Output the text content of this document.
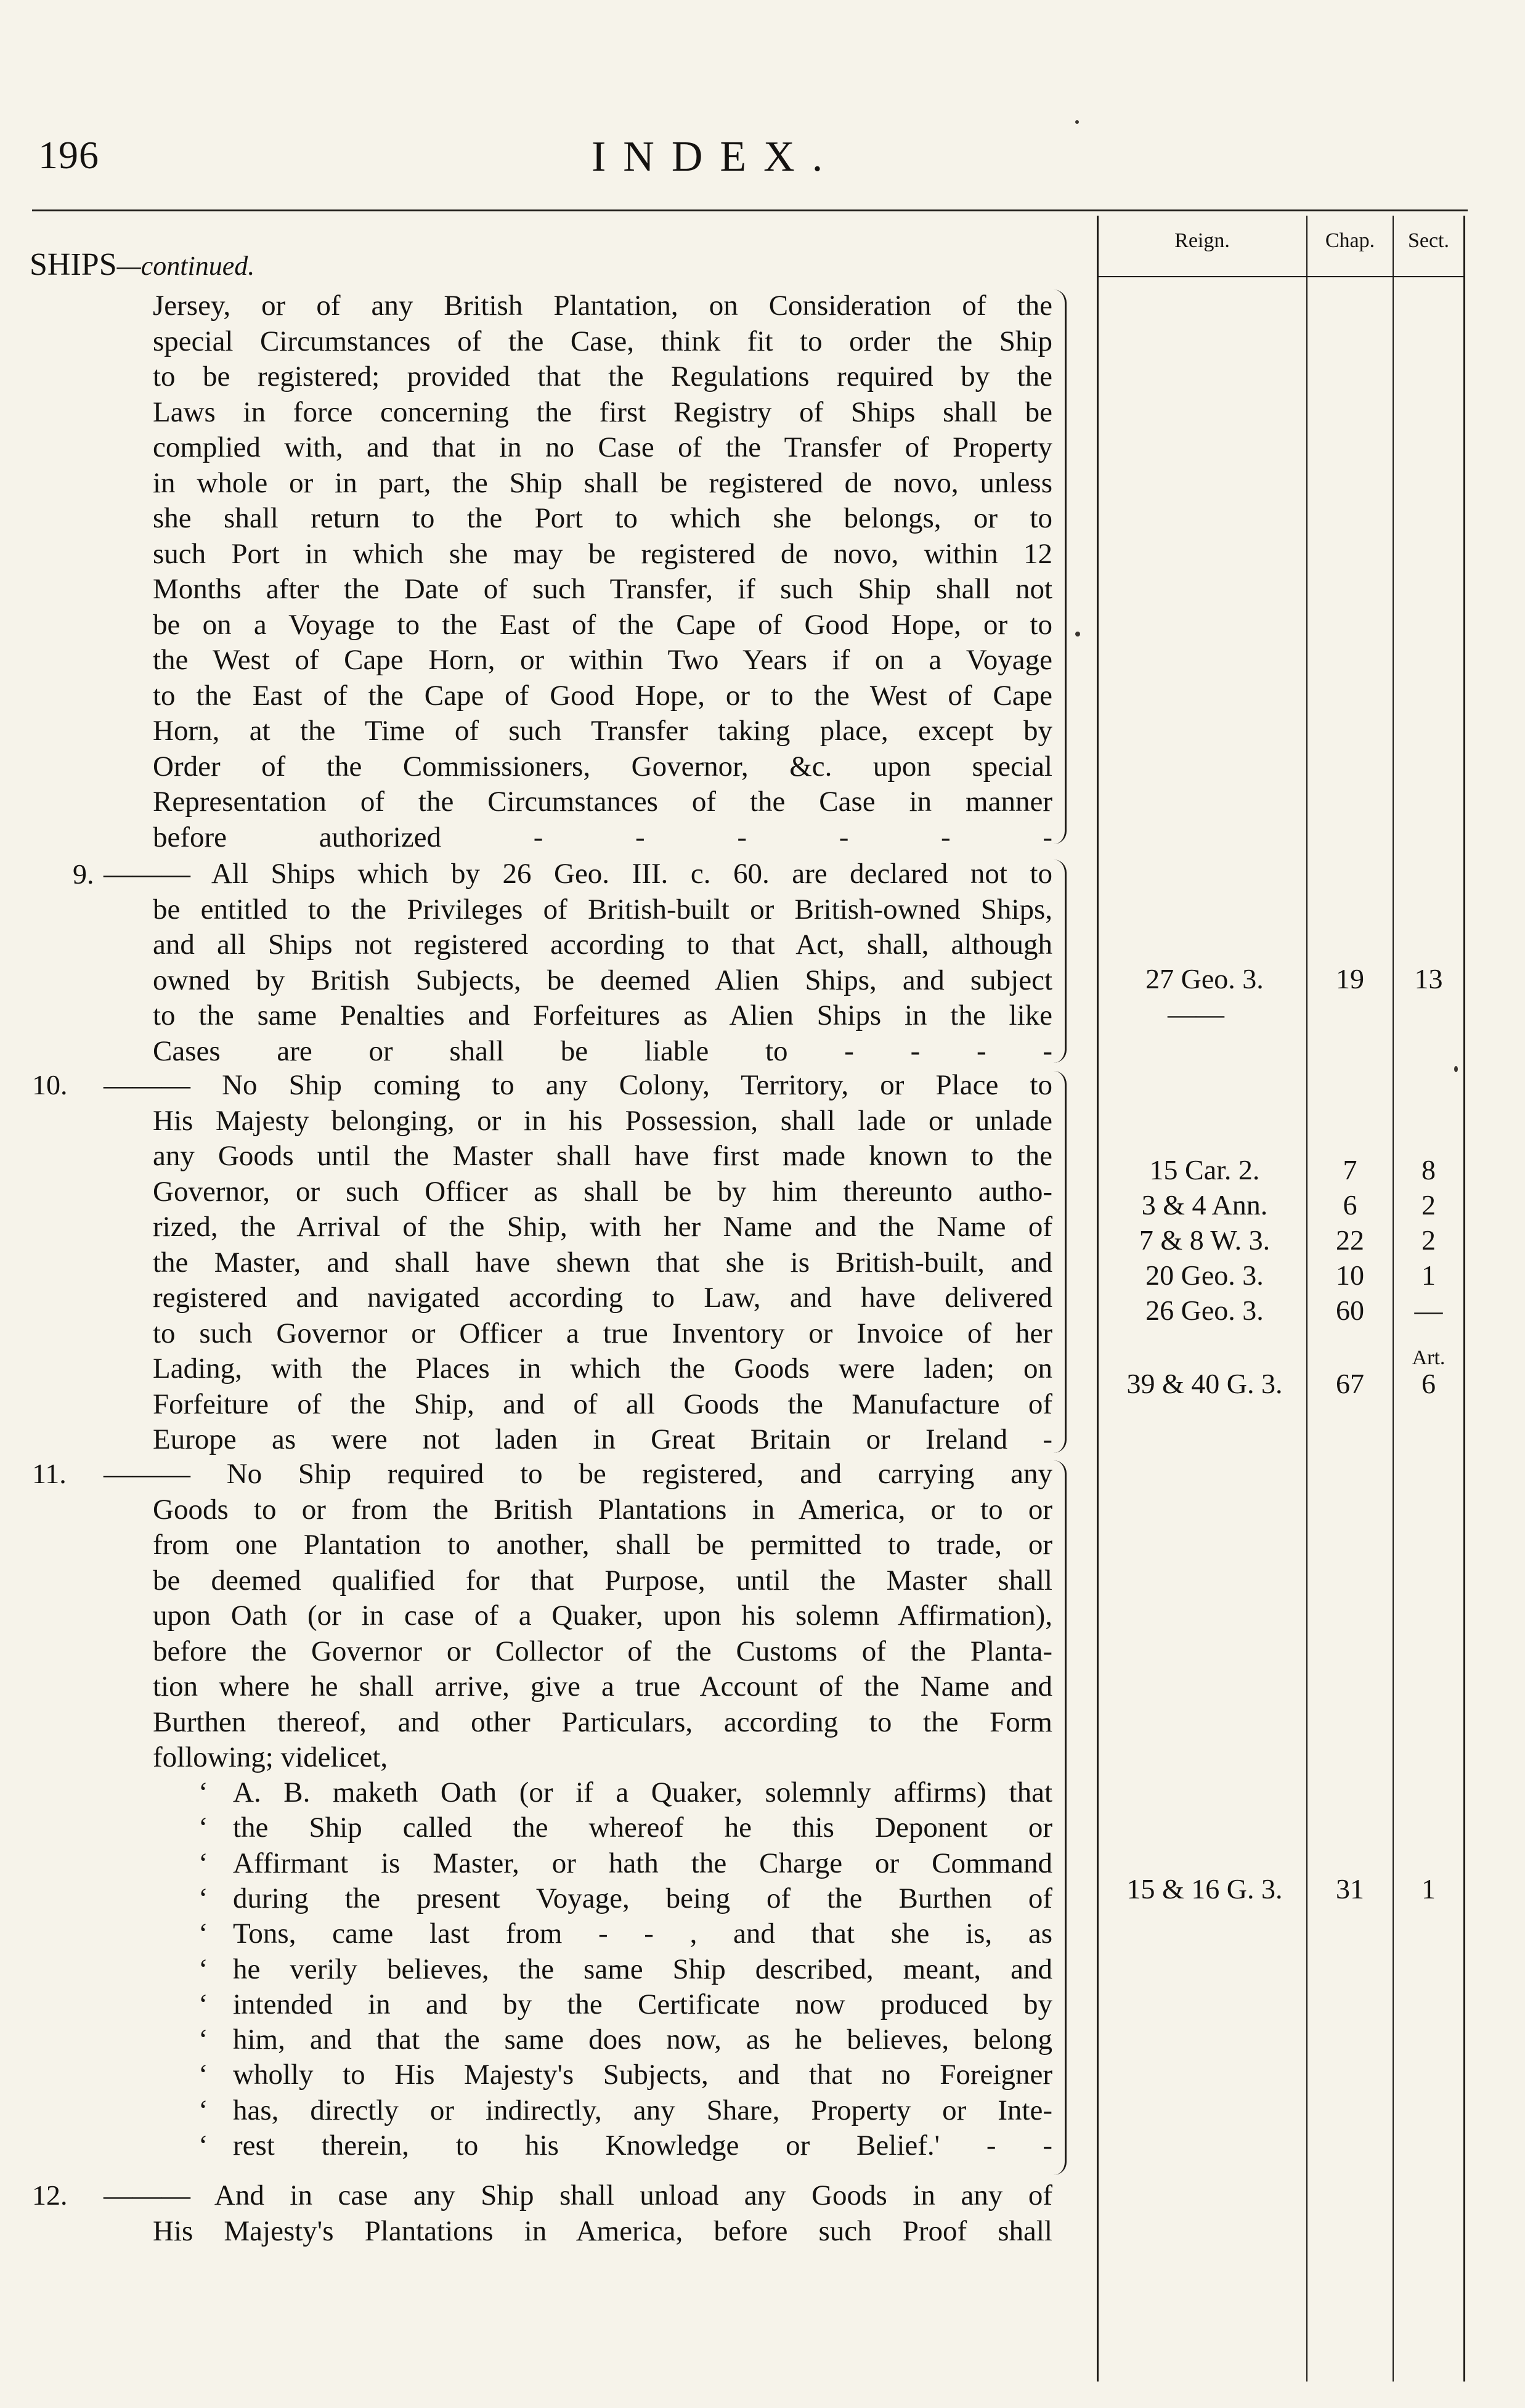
196	INDEX.
Reign.	Chap.	Sect.
SHIPS—continued.
Jersey, or of any British Plantation, on Consideration of the
special Circumstances of the Case, think fit to order the Ship
to be registered; provided that the Regulations required by the
Laws in force concerning the first Registry of Ships shall be
complied with, and that in no Case of the Transfer of Property
in whole or in part, the Ship shall be registered de novo, unless
she shall return to the Port to which she belongs, or to
such Port in which she may be registered de novo, within 12
Months after the Date of such Transfer, if such Ship shall not
be on a Voyage to the East of the Cape of Good Hope, or to
the West of Cape Horn, or within Two Years if on a Voyage
to the East of the Cape of Good Hope, or to the West of Cape
Horn, at the Time of such Transfer taking place, except by
Order of the Commissioners, Governor, &c. upon special
Representation of the Circumstances of the Case in manner
before authorized - - - - - -
9. ——— All Ships which by 26 Geo. III. c. 60. are declared not to
be entitled to the Privileges of British-built or British-owned Ships,
and all Ships not registered according to that Act, shall, although
owned by British Subjects, be deemed Alien Ships, and subject
to the same Penalties and Forfeitures as Alien Ships in the like
Cases are or shall be liable to - - - -
27 Geo. 3.	19	13
——
10. ——— No Ship coming to any Colony, Territory, or Place to
His Majesty belonging, or in his Possession, shall lade or unlade
any Goods until the Master shall have first made known to the
Governor, or such Officer as shall be by him thereunto autho-
rized, the Arrival of the Ship, with her Name and the Name of
the Master, and shall have shewn that she is British-built, and
registered and navigated according to Law, and have delivered
to such Governor or Officer a true Inventory or Invoice of her
Lading, with the Places in which the Goods were laden; on
Forfeiture of the Ship, and of all Goods the Manufacture of
Europe as were not laden in Great Britain or Ireland -
15 Car. 2.	7	8
3 & 4 Ann.	6	2
7 & 8 W. 3.	22	2
20 Geo. 3.	10	1
26 Geo. 3.	60	—
39 & 40 G. 3.	67	6
Art.
11. ——— No Ship required to be registered, and carrying any
Goods to or from the British Plantations in America, or to or
from one Plantation to another, shall be permitted to trade, or
be deemed qualified for that Purpose, until the Master shall
upon Oath (or in case of a Quaker, upon his solemn Affirmation),
before the Governor or Collector of the Customs of the Planta-
tion where he shall arrive, give a true Account of the Name and
Burthen thereof, and other Particulars, according to the Form
following; videlicet,
‘ A. B. maketh Oath (or if a Quaker, solemnly affirms) that
‘ the Ship called the whereof he this Deponent or
‘ Affirmant is Master, or hath the Charge or Command
‘ during the present Voyage, being of the Burthen of
‘ Tons, came last from - - , and that she is, as
‘ he verily believes, the same Ship described, meant, and
‘ intended in and by the Certificate now produced by
‘ him, and that the same does now, as he believes, belong
‘ wholly to His Majesty's Subjects, and that no Foreigner
‘ has, directly or indirectly, any Share, Property or Inte-
‘ rest therein, to his Knowledge or Belief.' - -
15 & 16 G. 3.	31	1
12. ——— And in case any Ship shall unload any Goods in any of
His Majesty's Plantations in America, before such Proof shall
